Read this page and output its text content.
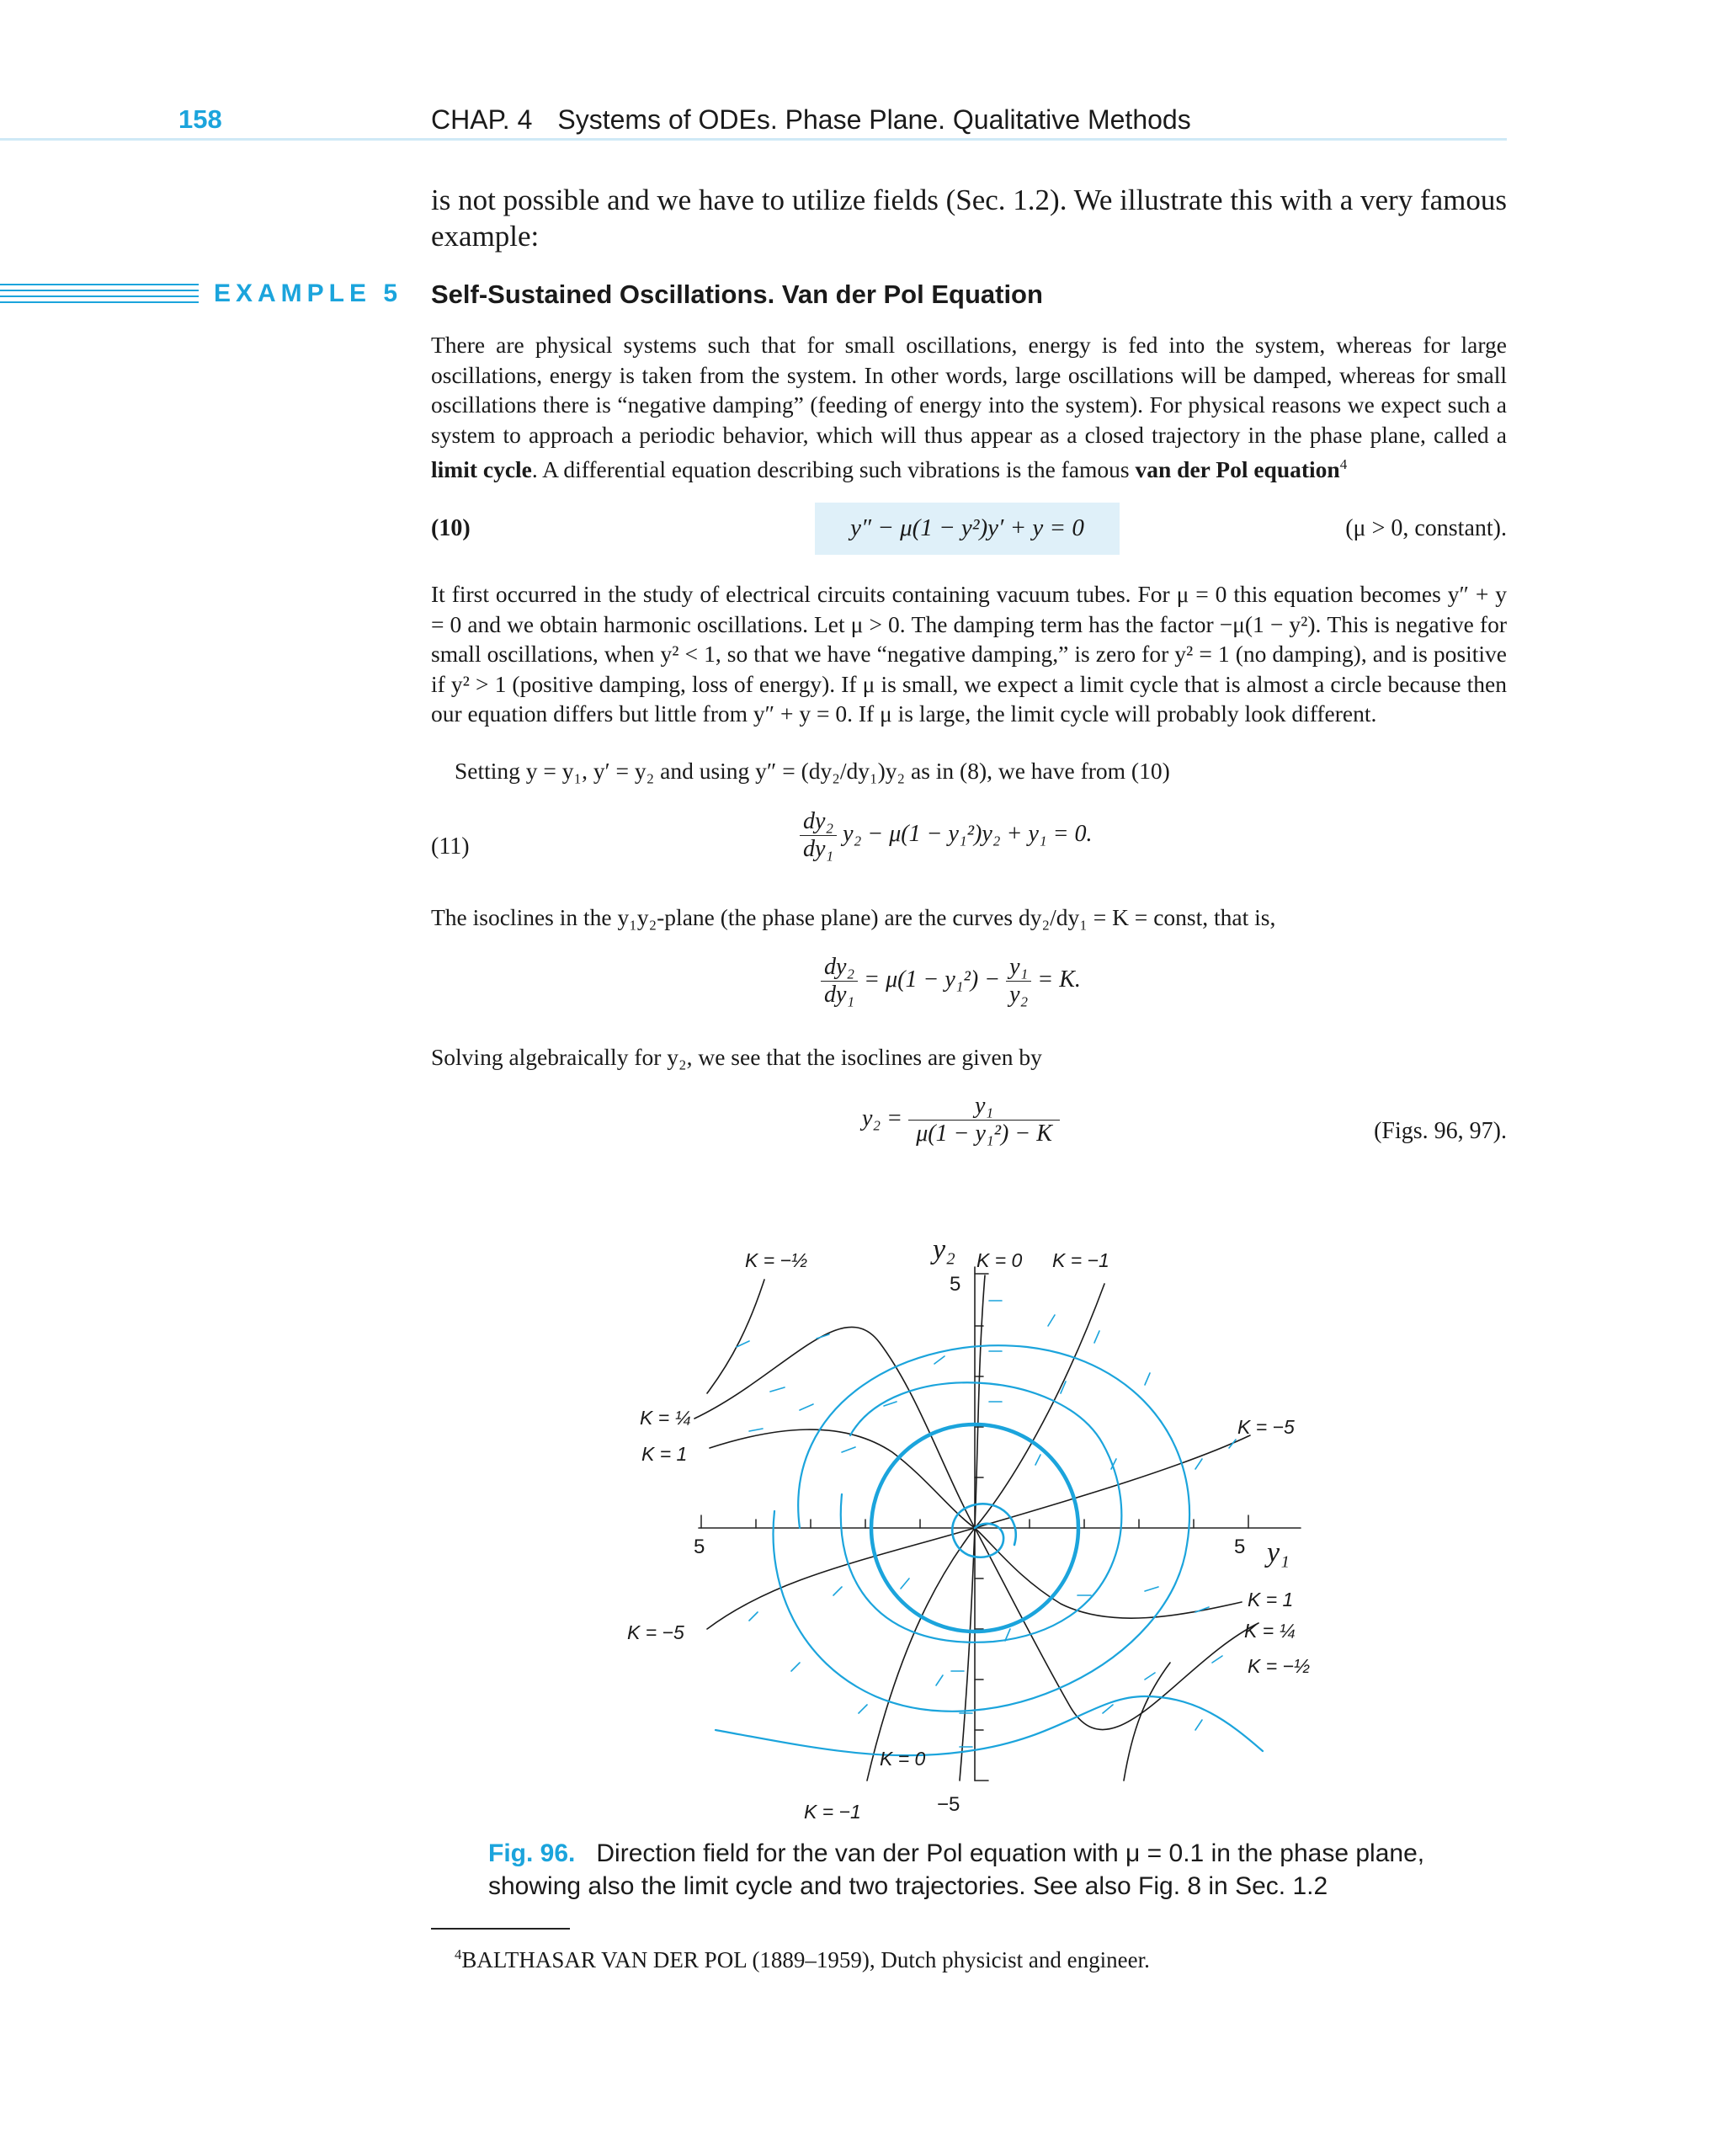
158	CHAP. 4 Systems of ODEs. Phase Plane. Qualitative Methods
is not possible and we have to utilize fields (Sec. 1.2). We illustrate this with a very famous example:
EXAMPLE 5 Self-Sustained Oscillations. Van der Pol Equation
There are physical systems such that for small oscillations, energy is fed into the system, whereas for large oscillations, energy is taken from the system. In other words, large oscillations will be damped, whereas for small oscillations there is “negative damping” (feeding of energy into the system). For physical reasons we expect such a system to approach a periodic behavior, which will thus appear as a closed trajectory in the phase plane, called a limit cycle. A differential equation describing such vibrations is the famous van der Pol equation$^4$
(10)	y″ − μ(1 − y²)y′ + y = 0	(μ > 0, constant).
It first occurred in the study of electrical circuits containing vacuum tubes. For μ = 0 this equation becomes y″ + y = 0 and we obtain harmonic oscillations. Let μ > 0. The damping term has the factor −μ(1 − y²). This is negative for small oscillations, when y² < 1, so that we have “negative damping,” is zero for y² = 1 (no damping), and is positive if y² > 1 (positive damping, loss of energy). If μ is small, we expect a limit cycle that is almost a circle because then our equation differs but little from y″ + y = 0. If μ is large, the limit cycle will probably look different.
Setting y = y₁, y′ = y₂ and using y″ = (dy₂/dy₁)y₂ as in (8), we have from (10)
(11)	$\frac{\text{dy₂}}{\text{dy₁}} y_2 - \mu(1 - y_1^2)y_2 + y_1 = 0$.
The isoclines in the y₁y₂-plane (the phase plane) are the curves dy₂/dy₁ = K = const, that is,
$\frac{\text{dy₂}}{\text{dy₁}} = \mu(1 - y_1^2) - \frac{\text{y₁}}{\text{y₂}} = K$.
Solving algebraically for y₂, we see that the isoclines are given by
$y_2 = \frac{\text{y₁}}{\text{μ(1 − y₁²) − K}}$	(Figs. 96, 97).
y₂
y₁
5
−5
5	5
K = −½	K = 0 K = −1
K = ¼
K = 1
K = −5
K = −5
K = 1
K = ¼
K = −½
K = 0
K = −1
Fig. 96. Direction field for the van der Pol equation with μ = 0.1 in the phase plane, showing also the limit cycle and two trajectories. See also Fig. 8 in Sec. 1.2
$^4$BALTHASAR VAN DER POL (1889–1959), Dutch physicist and engineer.
